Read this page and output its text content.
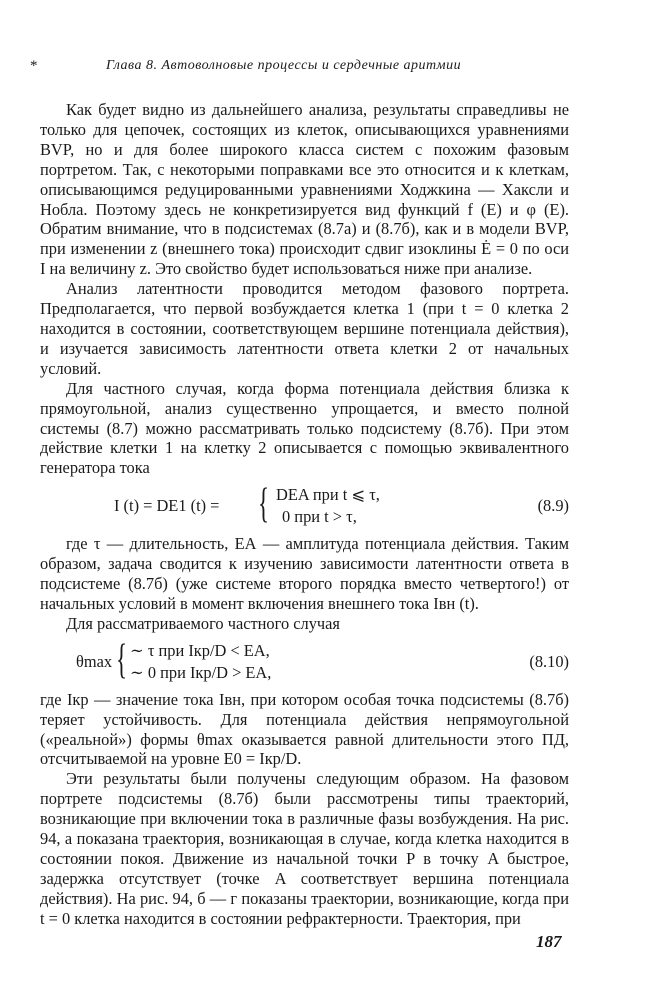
*	Глава 8. Автоволновые процессы и сердечные аритмии

Как будет видно из дальнейшего анализа, результаты справедливы не только для цепочек, состоящих из клеток, описывающихся уравнениями BVP, но и для более широкого класса систем с похожим фазовым портретом. Так, с некоторыми поправками все это относится и к клеткам, описывающимся редуцированными уравнениями Ходжкина — Хаксли и Нобла. Поэтому здесь не конкретизируется вид функций f (E) и φ (E). Обратим внимание, что в подсистемах (8.7а) и (8.7б), как и в модели BVP, при изменении z (внешнего тока) происходит сдвиг изоклины Ė = 0 по оси I на величину z. Это свойство будет использоваться ниже при анализе.

Анализ латентности проводится методом фазового портрета. Предполагается, что первой возбуждается клетка 1 (при t = 0 клетка 2 находится в состоянии, соответствующем вершине потенциала действия), и изучается зависимость латентности ответа клетки 2 от начальных условий.

Для частного случая, когда форма потенциала действия близка к прямоугольной, анализ существенно упрощается, и вместо полной системы (8.7) можно рассматривать только подсистему (8.7б). При этом действие клетки 1 на клетку 2 описывается с помощью эквивалентного генератора тока

I (t) = DE1 (t) = { DEA при t ⩽ τ,
0 при t > τ,
(8.9)

где τ — длительность, EА — амплитуда потенциала действия. Таким образом, задача сводится к изучению зависимости латентности ответа в подсистеме (8.7б) (уже системе второго порядка вместо четвертого!) от начальных условий в момент включения внешнего тока Iвн (t).

Для рассматриваемого частного случая

θmax { ∼ τ при Iкр/D < EА,
∼ 0 при Iкр/D > EА,
(8.10)

где Iкр — значение тока Iвн, при котором особая точка подсистемы (8.7б) теряет устойчивость. Для потенциала действия непрямоугольной («реальной») формы θmax оказывается равной длительности этого ПД, отсчитываемой на уровне E0 = Iкр/D.

Эти результаты были получены следующим образом. На фазовом портрете подсистемы (8.7б) были рассмотрены типы траекторий, возникающие при включении тока в различные фазы возбуждения. На рис. 94, а показана траектория, возникающая в случае, когда клетка находится в состоянии покоя. Движение из начальной точки P в точку A быстрое, задержка отсутствует (точке A соответствует вершина потенциала действия). На рис. 94, б — г показаны траектории, возникающие, когда при t = 0 клетка находится в состоянии рефрактерности. Траектория, при

187
